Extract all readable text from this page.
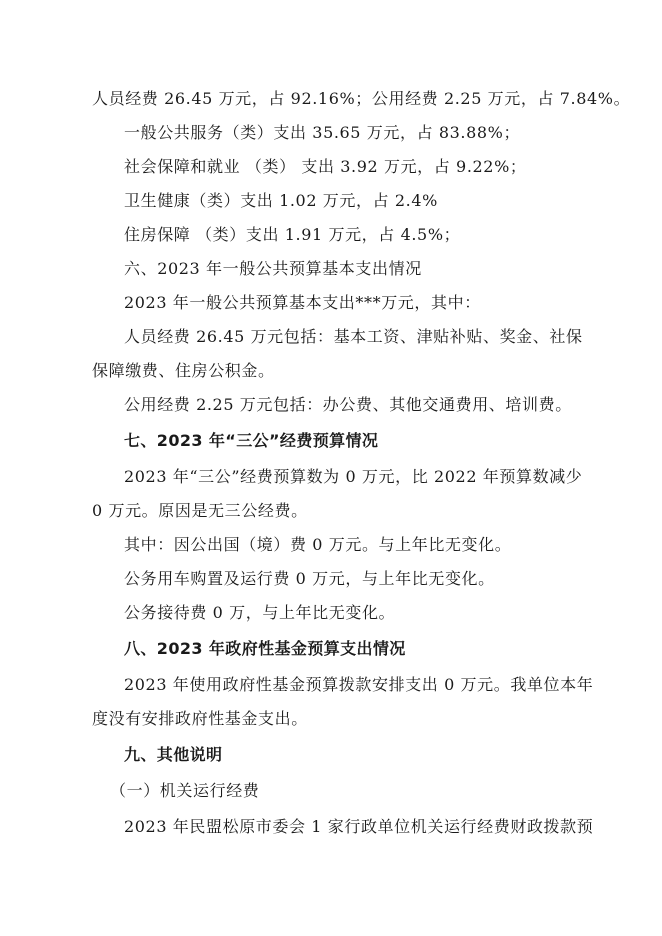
人员经费 26.45 万元，占 92.16%；公用经费 2.25 万元，占 7.84%。
一般公共服务（类）支出 35.65 万元，占 83.88%；
社会保障和就业 （类） 支出 3.92 万元，占 9.22%；
卫生健康（类）支出 1.02 万元，占 2.4%
住房保障 （类）支出 1.91 万元，占 4.5%；
六、2023 年一般公共预算基本支出情况
2023 年一般公共预算基本支出***万元，其中：
人员经费 26.45 万元包括：基本工资、津贴补贴、奖金、社保
保障缴费、住房公积金。
公用经费 2.25 万元包括：办公费、其他交通费用、培训费。
七、2023 年“三公”经费预算情况
2023 年“三公”经费预算数为 0 万元，比 2022 年预算数减少
0 万元。原因是无三公经费。
其中：因公出国（境）费 0 万元。与上年比无变化。
公务用车购置及运行费 0 万元，与上年比无变化。
公务接待费 0 万，与上年比无变化。
八、2023 年政府性基金预算支出情况
2023 年使用政府性基金预算拨款安排支出 0 万元。我单位本年
度没有安排政府性基金支出。
九、其他说明
（一）机关运行经费
2023 年民盟松原市委会 1 家行政单位机关运行经费财政拨款预
